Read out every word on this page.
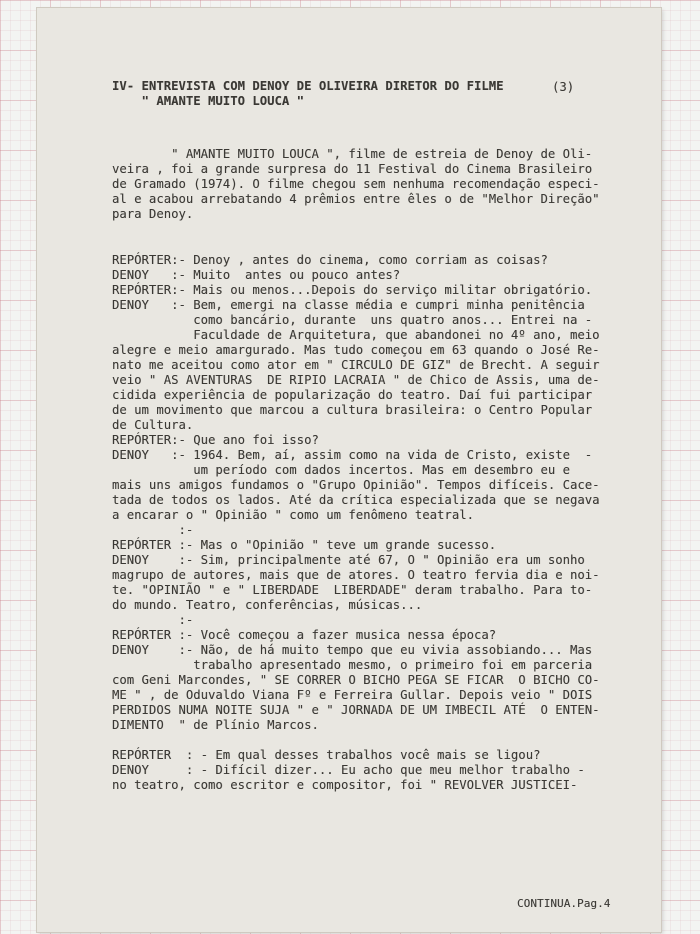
IV- ENTREVISTA COM DENOY DE OLIVEIRA DIRETOR DO FILME
" AMANTE MUITO LOUCA "
(3)
" AMANTE MUITO LOUCA ", filme de estreia de Denoy de Oli-
veira , foi a grande surpresa do 11 Festival do Cinema Brasileiro
de Gramado (1974). O filme chegou sem nenhuma recomendação especi-
al e acabou arrebatando 4 prêmios entre êles o de "Melhor Direção"
para Denoy.
REPÓRTER:- Denoy , antes do cinema, como corriam as coisas?
DENOY   :- Muito  antes ou pouco antes?
REPÓRTER:- Mais ou menos...Depois do serviço militar obrigatório.
DENOY   :- Bem, emergi na classe média e cumpri minha penitência
como bancário, durante  uns quatro anos... Entrei na -
Faculdade de Arquitetura, que abandonei no 4º ano, meio
alegre e meio amargurado. Mas tudo começou em 63 quando o José Re-
nato me aceitou como ator em " CIRCULO DE GIZ" de Brecht. A seguir
veio " AS AVENTURAS  DE RIPIO LACRAIA " de Chico de Assis, uma de-
cidida experiência de popularização do teatro. Daí fui participar
de um movimento que marcou a cultura brasileira: o Centro Popular
de Cultura.
REPÓRTER:- Que ano foi isso?
DENOY   :- 1964. Bem, aí, assim como na vida de Cristo, existe  -
um período com dados incertos. Mas em desembro eu e
mais uns amigos fundamos o "Grupo Opinião". Tempos difíceis. Cace-
tada de todos os lados. Até da crítica especializada que se negava
a encarar o " Opinião " como um fenômeno teatral.
:-
REPÓRTER :- Mas o "Opinião " teve um grande sucesso.
DENOY    :- Sim, principalmente até 67, O " Opinião era um sonho
magrupo de autores, mais que de atores. O teatro fervia dia e noi-
te. "OPINIÃO " e " LIBERDADE  LIBERDADE" deram trabalho. Para to-
do mundo. Teatro, conferências, músicas...
:-
REPÓRTER :- Você começou a fazer musica nessa época?
DENOY    :- Não, de há muito tempo que eu vivia assobiando... Mas
trabalho apresentado mesmo, o primeiro foi em parceria
com Geni Marcondes, " SE CORRER O BICHO PEGA SE FICAR  O BICHO CO-
ME " , de Oduvaldo Viana Fº e Ferreira Gullar. Depois veio " DOIS
PERDIDOS NUMA NOITE SUJA " e " JORNADA DE UM IMBECIL ATÉ  O ENTEN-
DIMENTO  " de Plínio Marcos.

REPÓRTER  : - Em qual desses trabalhos você mais se ligou?
DENOY     : - Difícil dizer... Eu acho que meu melhor trabalho -
no teatro, como escritor e compositor, foi " REVOLVER JUSTICEI-
CONTINUA.Pag.4
